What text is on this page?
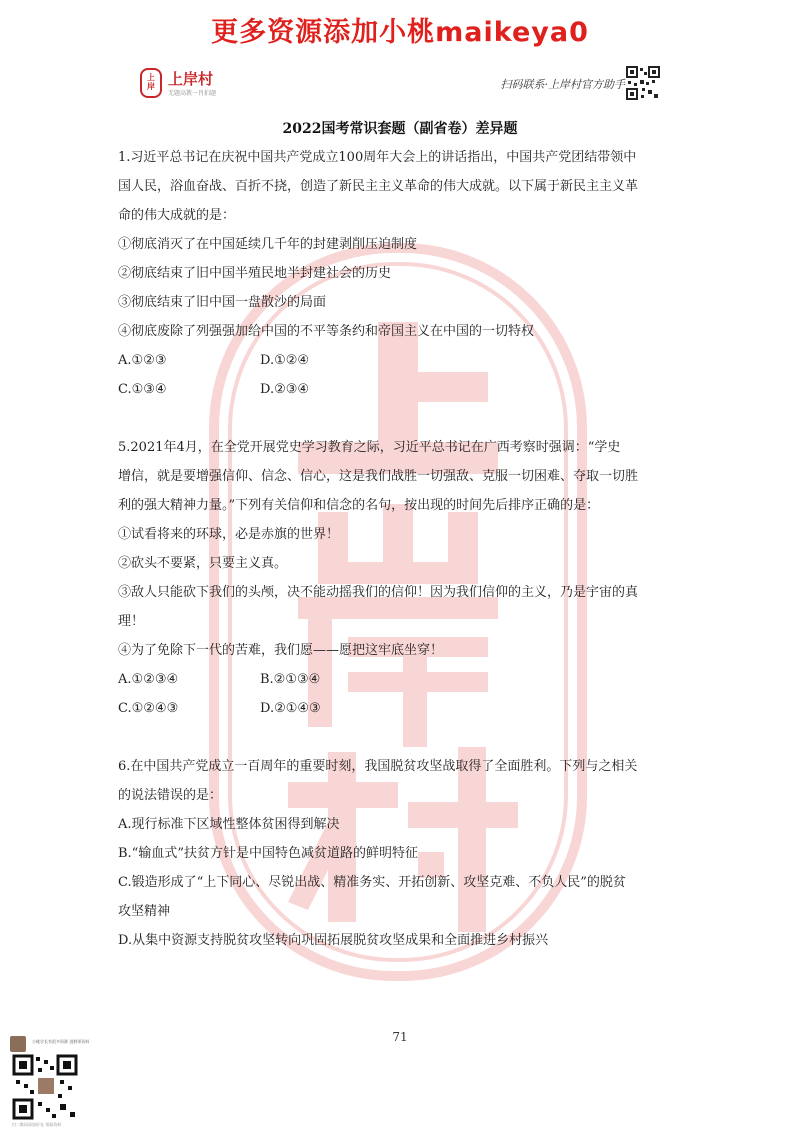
更多资源添加小桃maikeya0
上
岸 上岸村
无题高教一肖拍题
扫码联系·上岸村官方助手
2022国考常识套题（副省卷）差异题

1.习近平总书记在庆祝中国共产党成立100周年大会上的讲话指出，中国共产党团结带领中

国人民，浴血奋战、百折不挠，创造了新民主主义革命的伟大成就。以下属于新民主主义革

命的伟大成就的是：

①彻底消灭了在中国延续几千年的封建剥削压迫制度

②彻底结束了旧中国半殖民地半封建社会的历史

③彻底结束了旧中国一盘散沙的局面

④彻底废除了列强强加给中国的不平等条约和帝国主义在中国的一切特权

A.①②③	D.①②④

C.①③④	D.②③④

5.2021年4月，在全党开展党史学习教育之际，习近平总书记在广西考察时强调：“学史

增信，就是要增强信仰、信念、信心，这是我们战胜一切强敌、克服一切困难、夺取一切胜

利的强大精神力量。”下列有关信仰和信念的名句，按出现的时间先后排序正确的是：

①试看将来的环球，必是赤旗的世界！

②砍头不要紧，只要主义真。

③敌人只能砍下我们的头颅，决不能动摇我们的信仰！因为我们信仰的主义，乃是宇宙的真

理！

④为了免除下一代的苦难，我们愿——愿把这牢底坐穿！

A.①②③④	B.②①③④

C.①②④③	D.②①④③

6.在中国共产党成立一百周年的重要时刻，我国脱贫攻坚战取得了全面胜利。下列与之相关

的说法错误的是：

A.现行标准下区域性整体贫困得到解决

B.“输血式”扶贫方针是中国特色减贫道路的鲜明特征

C.锻造形成了“上下同心、尽锐出战、精准务实、开拓创新、攻坚克难、不负人民”的脱贫

攻坚精神

D.从集中资源支持脱贫攻坚转向巩固拓展脱贫攻坚成果和全面推进乡村振兴

71
小桃学长有很多资源 进群领资料
扫二维码添加好友 领取资料
